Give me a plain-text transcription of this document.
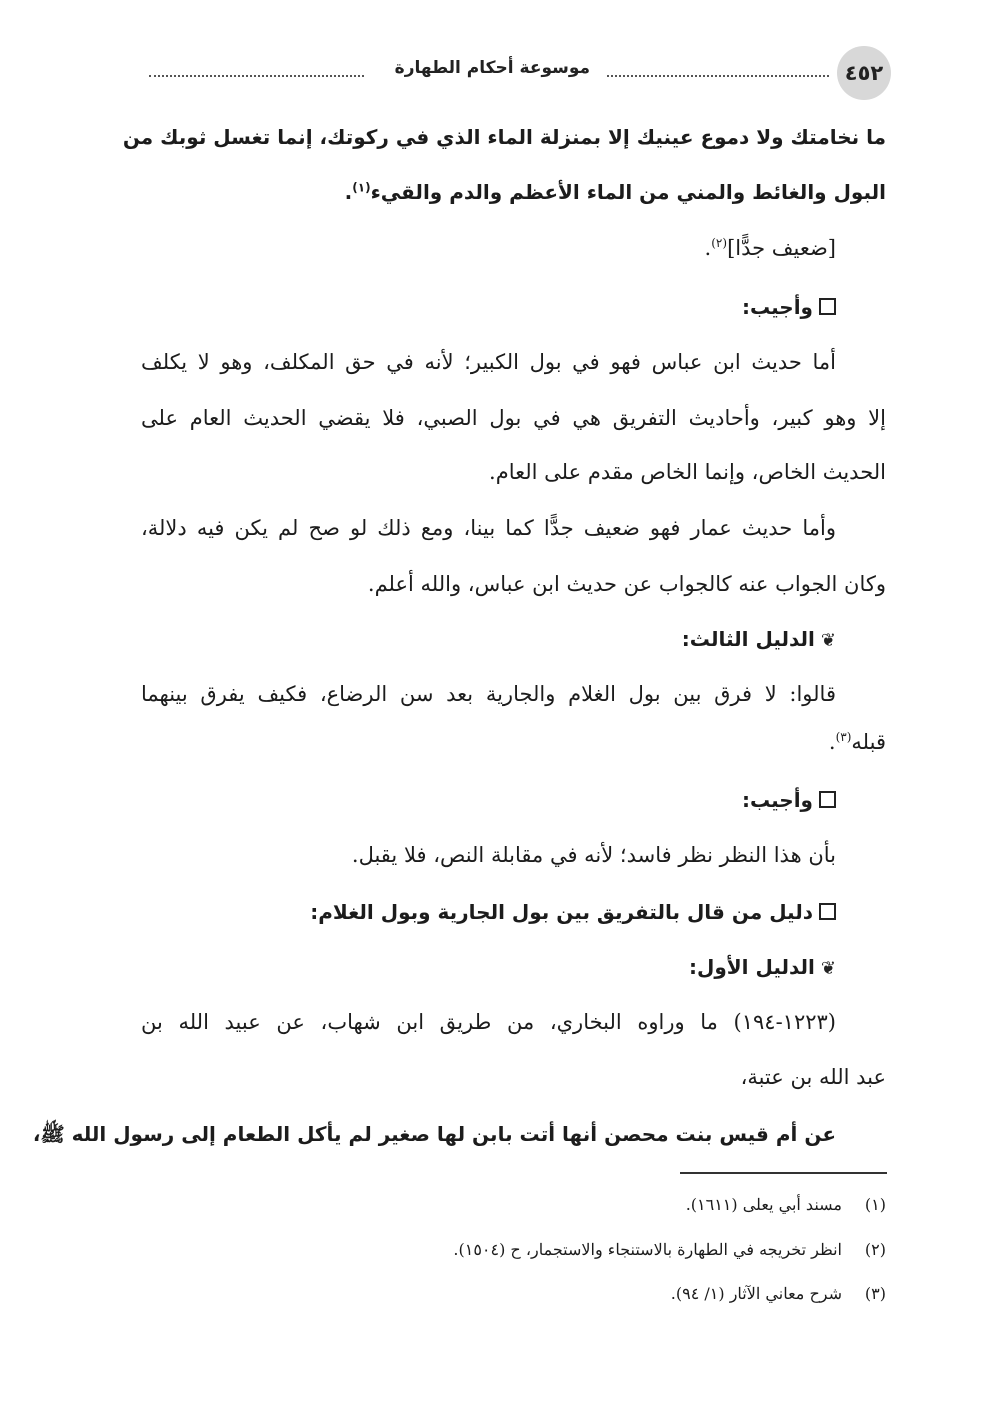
٤٥٢
موسوعة أحكام الطهارة
ما نخامتك ولا دموع عينيك إلا بمنزلة الماء الذي في ركوتك، إنما تغسل ثوبك من
البول والغائط والمني من الماء الأعظم والدم والقيء$^{(١)}$.
[ضعيف جدًّا]$^{(٢)}$.
وأجيب:
أما حديث ابن عباس فهو في بول الكبير؛ لأنه في حق المكلف، وهو لا يكلف
إلا وهو كبير، وأحاديث التفريق هي في بول الصبي، فلا يقضي الحديث العام على
الحديث الخاص، وإنما الخاص مقدم على العام.
وأما حديث عمار فهو ضعيف جدًّا كما بينا، ومع ذلك لو صح لم يكن فيه دلالة،
وكان الجواب عنه كالجواب عن حديث ابن عباس، والله أعلم.
❦الدليل الثالث:
قالوا: لا فرق بين بول الغلام والجارية بعد سن الرضاع، فكيف يفرق بينهما
قبله$^{(٣)}$.
وأجيب:
بأن هذا النظر نظر فاسد؛ لأنه في مقابلة النص، فلا يقبل.
دليل من قال بالتفريق بين بول الجارية وبول الغلام:
❦الدليل الأول:
(١٢٢٣-١٩٤) ما وراوه البخاري، من طريق ابن شهاب، عن عبيد الله بن
عبد الله بن عتبة،
عن أم قيس بنت محصن أنها أتت بابن لها صغير لم يأكل الطعام إلى رسول الله ﷺ،
(١)مسند أبي يعلى (١٦١١).
(٢)انظر تخريجه في الطهارة بالاستنجاء والاستجمار، ح (١٥٠٤).
(٣)شرح معاني الآثار (١/ ٩٤).
